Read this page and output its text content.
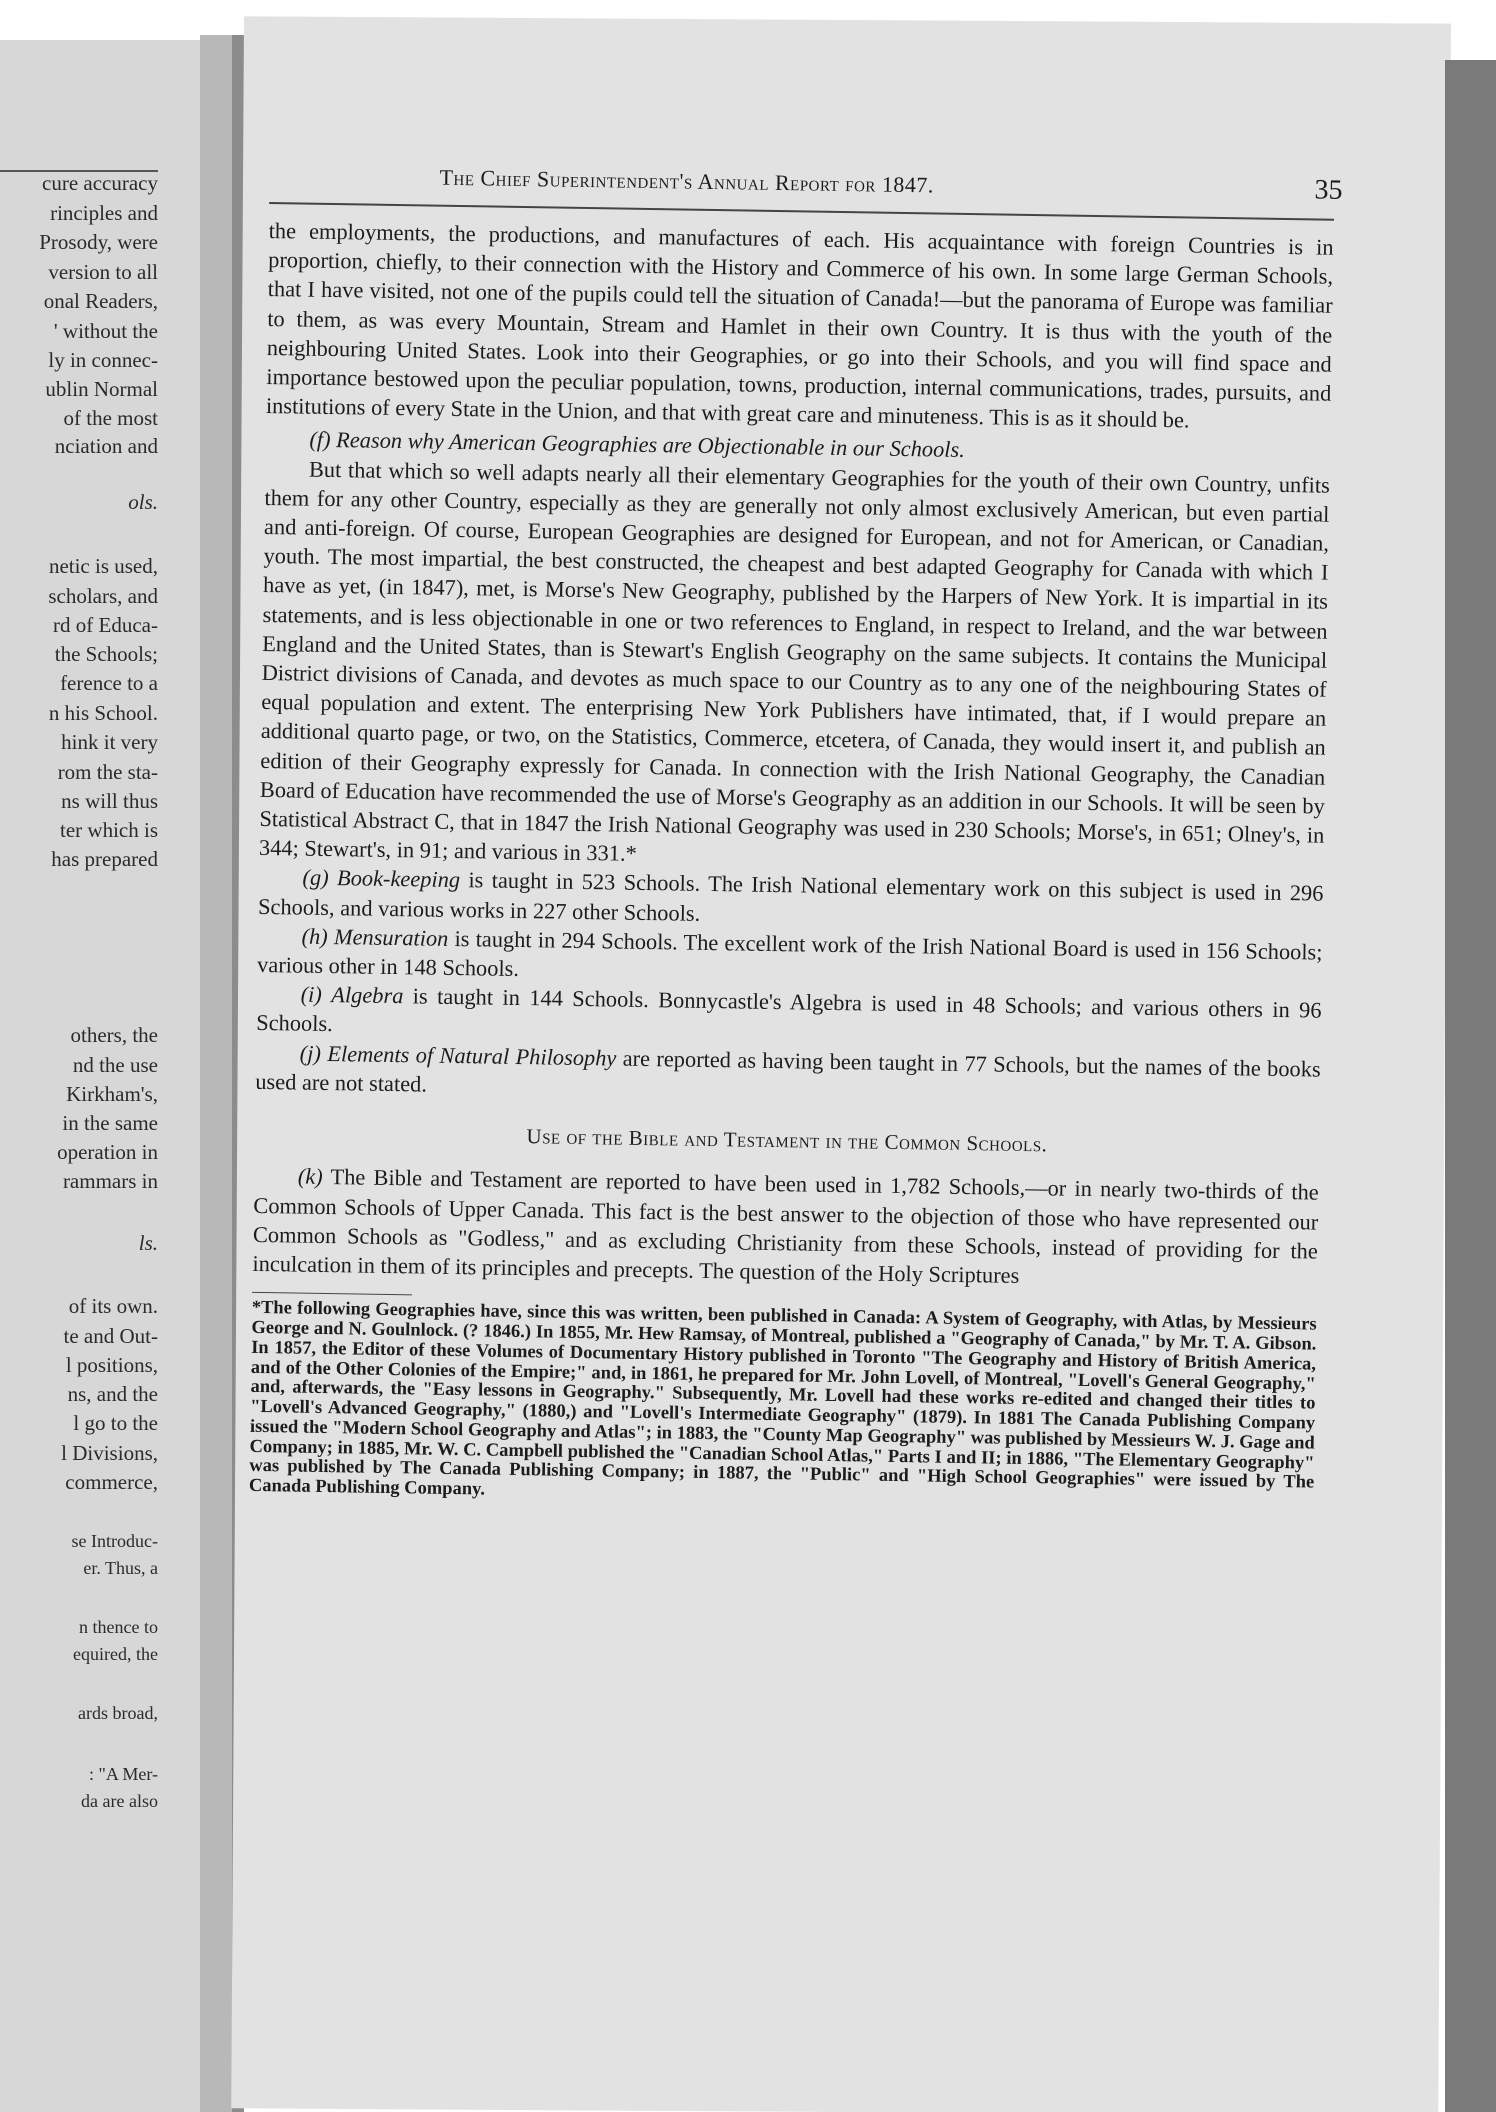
cure accuracy
rinciples and
Prosody, were
version to all
onal Readers,
' without the
ly in connec-
ublin Normal
of the most
nciation and
ols.
netic is used,
scholars, and
rd of Educa-
the Schools;
ference to a
n his School.
hink it very
rom the sta-
ns will thus
ter which is
has prepared
others, the
nd the use
Kirkham's,
in the same
operation in
rammars in
ls.
of its own.
te and Out-
l positions,
ns, and the
l go to the
l Divisions,
commerce,
se Introduc-
er. Thus, a
n thence to
equired, the
ards broad,
: "A Mer-
da are also
The Chief Superintendent's Annual Report for 1847.	35

the employments, the productions, and manufactures of each. His acquaintance with foreign Countries is in proportion, chiefly, to their connection with the History and Commerce of his own. In some large German Schools, that I have visited, not one of the pupils could tell the situation of Canada!—but the panorama of Europe was familiar to them, as was every Mountain, Stream and Hamlet in their own Country. It is thus with the youth of the neighbouring United States. Look into their Geographies, or go into their Schools, and you will find space and importance bestowed upon the peculiar population, towns, production, internal communications, trades, pursuits, and institutions of every State in the Union, and that with great care and minuteness. This is as it should be.

(f) Reason why American Geographies are Objectionable in our Schools.

But that which so well adapts nearly all their elementary Geographies for the youth of their own Country, unfits them for any other Country, especially as they are generally not only almost exclusively American, but even partial and anti-foreign. Of course, European Geographies are designed for European, and not for American, or Canadian, youth. The most impartial, the best constructed, the cheapest and best adapted Geography for Canada with which I have as yet, (in 1847), met, is Morse's New Geography, published by the Harpers of New York. It is impartial in its statements, and is less objectionable in one or two references to England, in respect to Ireland, and the war between England and the United States, than is Stewart's English Geography on the same subjects. It contains the Municipal District divisions of Canada, and devotes as much space to our Country as to any one of the neighbouring States of equal population and extent. The enterprising New York Publishers have intimated, that, if I would prepare an additional quarto page, or two, on the Statistics, Commerce, etcetera, of Canada, they would insert it, and publish an edition of their Geography expressly for Canada. In connection with the Irish National Geography, the Canadian Board of Education have recommended the use of Morse's Geography as an addition in our Schools. It will be seen by Statistical Abstract C, that in 1847 the Irish National Geography was used in 230 Schools; Morse's, in 651; Olney's, in 344; Stewart's, in 91; and various in 331.*

(g) Book-keeping is taught in 523 Schools. The Irish National elementary work on this subject is used in 296 Schools, and various works in 227 other Schools.

(h) Mensuration is taught in 294 Schools. The excellent work of the Irish National Board is used in 156 Schools; various other in 148 Schools.

(i) Algebra is taught in 144 Schools. Bonnycastle's Algebra is used in 48 Schools; and various others in 96 Schools.

(j) Elements of Natural Philosophy are reported as having been taught in 77 Schools, but the names of the books used are not stated.

Use of the Bible and Testament in the Common Schools.

(k) The Bible and Testament are reported to have been used in 1,782 Schools,—or in nearly two-thirds of the Common Schools of Upper Canada. This fact is the best answer to the objection of those who have represented our Common Schools as "Godless," and as excluding Christianity from these Schools, instead of providing for the inculcation in them of its principles and precepts. The question of the Holy Scriptures

*The following Geographies have, since this was written, been published in Canada: A System of Geography, with Atlas, by Messieurs George and N. Goulnlock. (? 1846.) In 1855, Mr. Hew Ramsay, of Montreal, published a "Geography of Canada," by Mr. T. A. Gibson. In 1857, the Editor of these Volumes of Documentary History published in Toronto "The Geography and History of British America, and of the Other Colonies of the Empire;" and, in 1861, he prepared for Mr. John Lovell, of Montreal, "Lovell's General Geography," and, afterwards, the "Easy lessons in Geography." Subsequently, Mr. Lovell had these works re-edited and changed their titles to "Lovell's Advanced Geography," (1880,) and "Lovell's Intermediate Geography" (1879). In 1881 The Canada Publishing Company issued the "Modern School Geography and Atlas"; in 1883, the "County Map Geography" was published by Messieurs W. J. Gage and Company; in 1885, Mr. W. C. Campbell published the "Canadian School Atlas," Parts I and II; in 1886, "The Elementary Geography" was published by The Canada Publishing Company; in 1887, the "Public" and "High School Geographies" were issued by The Canada Publishing Company.
